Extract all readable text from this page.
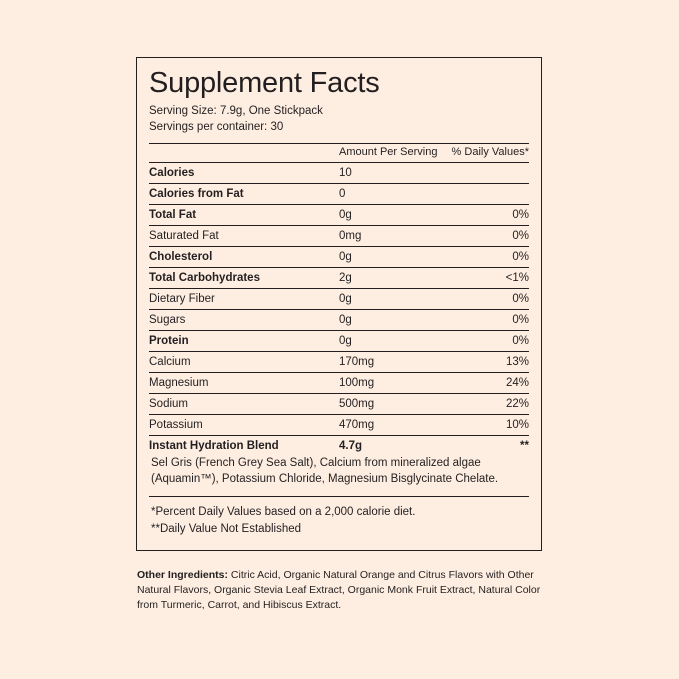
Supplement Facts
Serving Size: 7.9g, One Stickpack
Servings per container: 30
	Amount Per Serving	% Daily Values*
Calories	10	
Calories from Fat	0	
Total Fat	0g	0%
Saturated Fat	0mg	0%
Cholesterol	0g	0%
Total Carbohydrates	2g	<1%
Dietary Fiber	0g	0%
Sugars	0g	0%
Protein	0g	0%
Calcium	170mg	13%
Magnesium	100mg	24%
Sodium	500mg	22%
Potassium	470mg	10%
Instant Hydration Blend	4.7g	**
Sel Gris (French Grey Sea Salt), Calcium from mineralized algae (Aquamin™), Potassium Chloride, Magnesium Bisglycinate Chelate.
*Percent Daily Values based on a 2,000 calorie diet.
**Daily Value Not Established
Other Ingredients: Citric Acid, Organic Natural Orange and Citrus Flavors with Other Natural Flavors, Organic Stevia Leaf Extract, Organic Monk Fruit Extract, Natural Color from Turmeric, Carrot, and Hibiscus Extract.
